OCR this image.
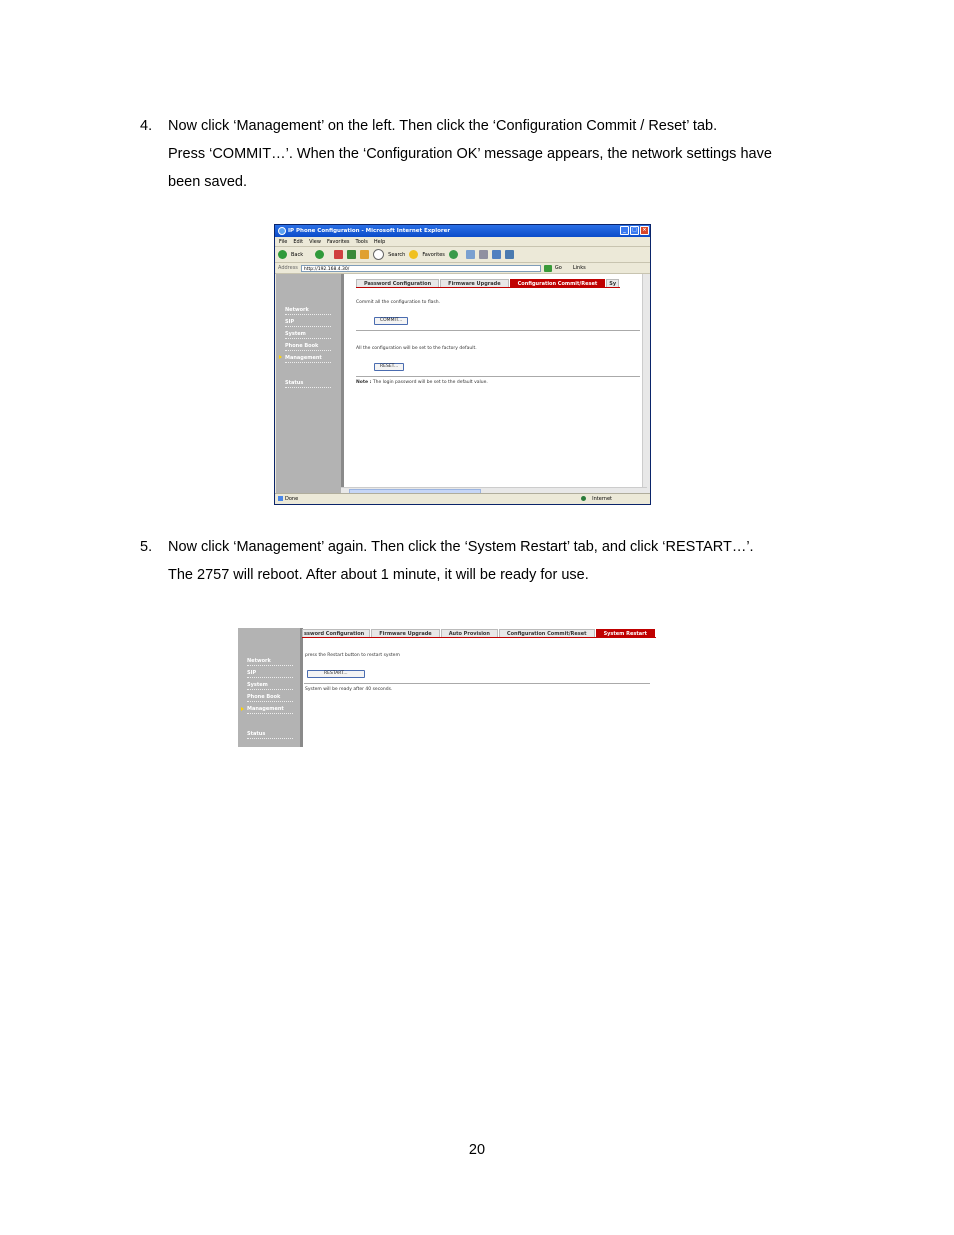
4.	Now click ‘Management’ on the left. Then click the ‘Configuration Commit / Reset’ tab.
Press ‘COMMIT…’. When the ‘Configuration OK’ message appears, the network settings have
been saved.
IP Phone Configuration - Microsoft Internet Explorer	_	□	×
File Edit View Favorites Tools Help
Back	Search	Favorites
Address	http://192.168.4.30/	Go Links
Network
SIP
System
Phone Book
Management
Status
Password Configuration	Firmware Upgrade	Configuration Commit/Reset	Sy
Commit all the configuration to flash.
COMMIT...
All the configuration will be set to the factory default.
RESET...
Note : The login password will be set to the default value.
Done	Internet
5.	Now click ‘Management’ again. Then click the ‘System Restart’ tab, and click ‘RESTART…’.
The 2757 will reboot. After about 1 minute, it will be ready for use.
Network
SIP
System
Phone Book
Management
Status
ssword Configuration	Firmware Upgrade	Auto Provision	Configuration Commit/Reset	System Restart
press the Restart button to restart system
RESTART...
System will be ready after 40 seconds.
20
